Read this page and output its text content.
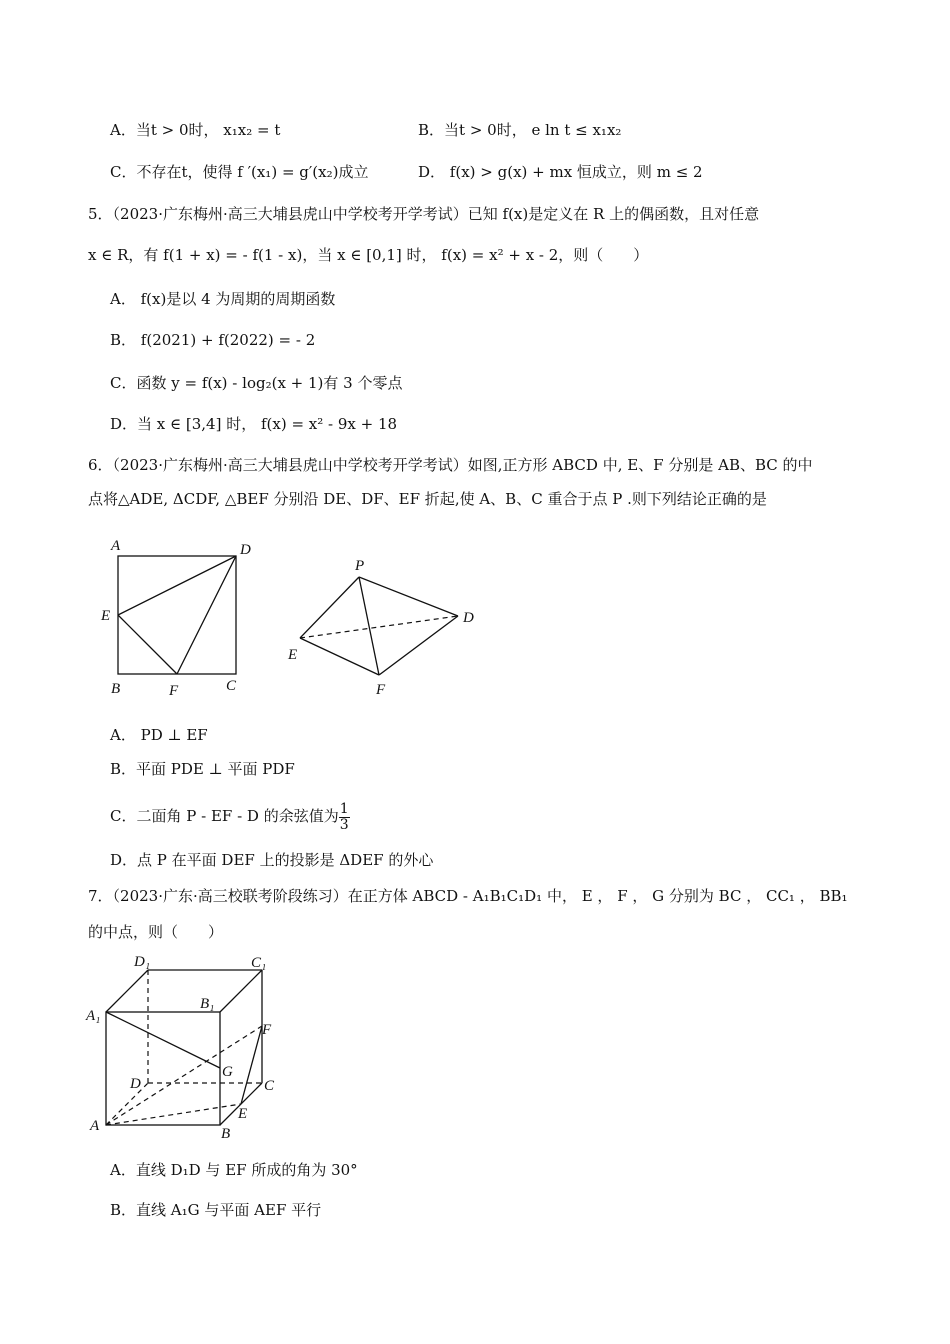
A．当t > 0时， x₁x₂ = t	B．当t > 0时， e ln t ≤ x₁x₂
C．不存在t，使得 f ′(x₁) = g′(x₂)成立	D． f(x) > g(x) + mx 恒成立，则 m ≤ 2
5．（2023·广东梅州·高三大埔县虎山中学校考开学考试）已知 f(x)是定义在 R 上的偶函数，且对任意
x ∈ R，有 f(1 + x) = - f(1 - x)，当 x ∈ [0,1] 时， f(x) = x² + x - 2，则（　　）
A． f(x)是以 4 为周期的周期函数
B． f(2021) + f(2022) = - 2
C．函数 y = f(x) - log₂(x + 1)有 3 个零点
D．当 x ∈ [3,4] 时， f(x) = x² - 9x + 18
6．（2023·广东梅州·高三大埔县虎山中学校考开学考试）如图,正方形 ABCD 中, E、F 分别是 AB、BC 的中
点将△ADE, ΔCDF, △BEF 分别沿 DE、DF、EF 折起,使 A、B、C 重合于点 P .则下列结论正确的是
A	D
E
B	F	C
P
D
E
F
A． PD ⊥ EF
B．平面 PDE ⊥ 平面 PDF
C．二面角 P - EF - D 的余弦值为 $\frac{1}{3}$
D．点 P 在平面 DEF 上的投影是 ΔDEF 的外心
7．（2023·广东·高三校联考阶段练习）在正方体 ABCD - A₁B₁C₁D₁ 中， E ， F ， G 分别为 BC ， CC₁ ， BB₁
的中点，则（　　）
D₁	C₁
B₁
A₁
F
G
D	C
E
A	B
A．直线 D₁D 与 EF 所成的角为 30°
B．直线 A₁G 与平面 AEF 平行
